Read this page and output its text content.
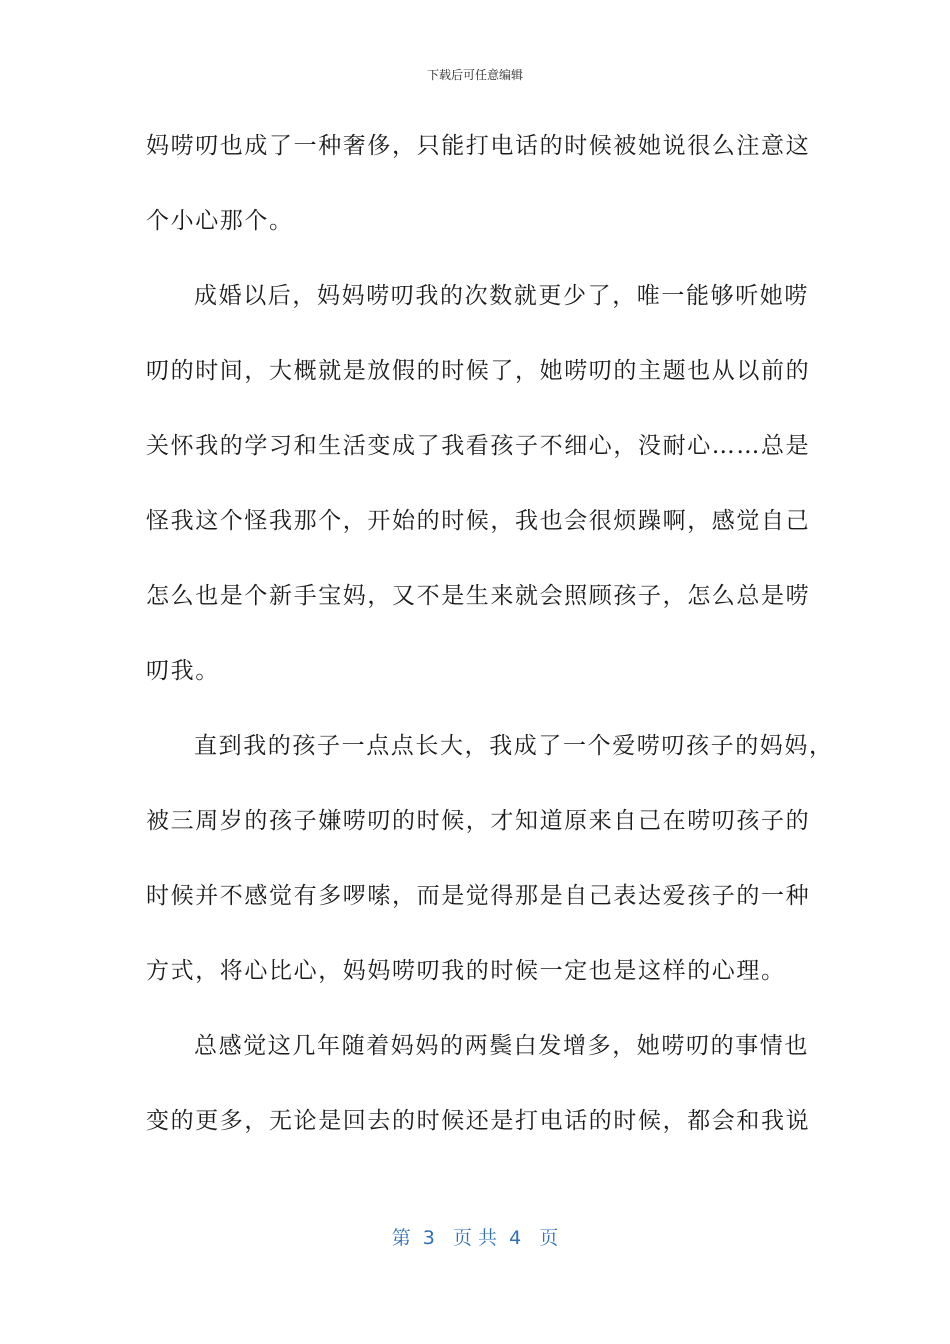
下载后可任意编辑
妈唠叨也成了一种奢侈，只能打电话的时候被她说很么注意这
个小心那个。
成婚以后，妈妈唠叨我的次数就更少了，唯一能够听她唠
叨的时间，大概就是放假的时候了，她唠叨的主题也从以前的
关怀我的学习和生活变成了我看孩子不细心，没耐心……总是
怪我这个怪我那个，开始的时候，我也会很烦躁啊，感觉自己
怎么也是个新手宝妈，又不是生来就会照顾孩子，怎么总是唠
叨我。
直到我的孩子一点点长大，我成了一个爱唠叨孩子的妈妈，
被三周岁的孩子嫌唠叨的时候，才知道原来自己在唠叨孩子的
时候并不感觉有多啰嗦，而是觉得那是自己表达爱孩子的一种
方式，将心比心，妈妈唠叨我的时候一定也是这样的心理。
总感觉这几年随着妈妈的两鬓白发增多，她唠叨的事情也
变的更多，无论是回去的时候还是打电话的时候，都会和我说
第  3   页 共  4   页
